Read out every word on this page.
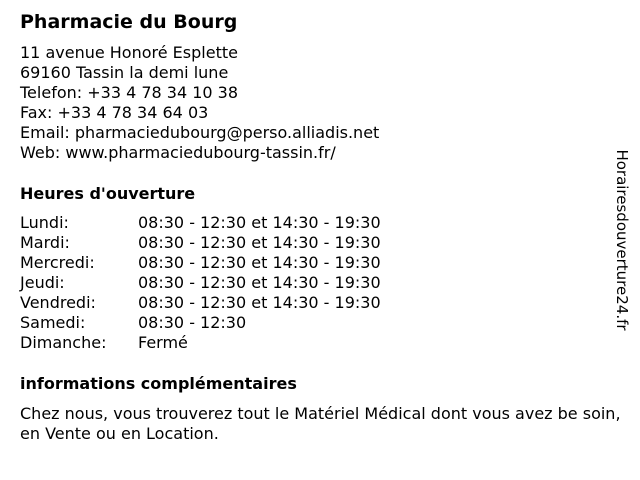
Pharmacie du Bourg
11 avenue Honoré Esplette
69160 Tassin la demi lune
Telefon: +33 4 78 34 10 38
Fax: +33 4 78 34 64 03
Email: pharmaciedubourg@perso.alliadis.net
Web: www.pharmaciedubourg-tassin.fr/
Heures d'ouverture
Lundi:	08:30 - 12:30 et 14:30 - 19:30
Mardi:	08:30 - 12:30 et 14:30 - 19:30
Mercredi:	08:30 - 12:30 et 14:30 - 19:30
Jeudi:	08:30 - 12:30 et 14:30 - 19:30
Vendredi:	08:30 - 12:30 et 14:30 - 19:30
Samedi:	08:30 - 12:30
Dimanche: Fermé
informations complémentaires
Chez nous, vous trouverez tout le Matériel Médical dont vous avez be soin, en Vente ou en Location.
Horairesdouverture24.fr
